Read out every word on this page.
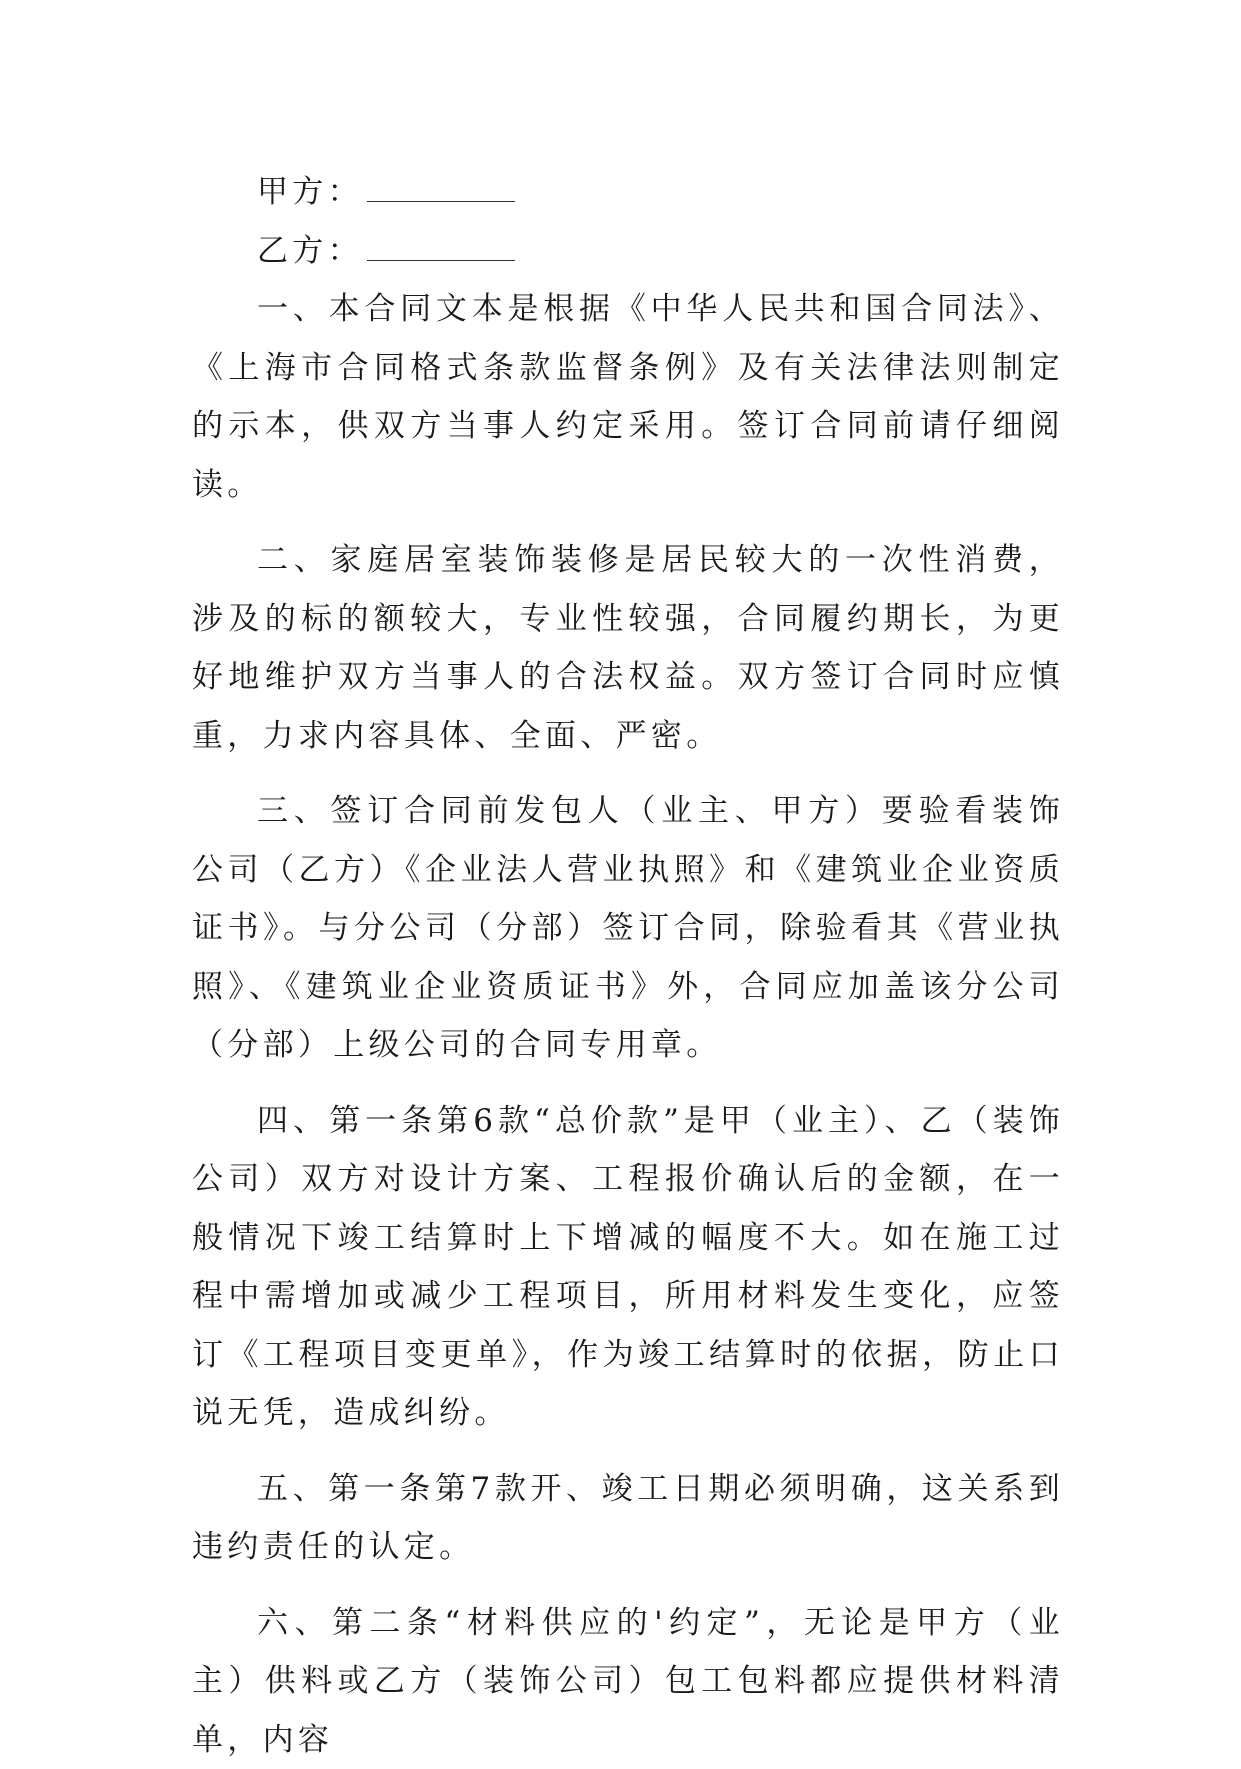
甲方：

乙方：

一、本合同文本是根据《中华人民共和国合同法》、《上海市合同格式条款监督条例》及有关法律法则制定的示本，供双方当事人约定采用。签订合同前请仔细阅读。

二、家庭居室装饰装修是居民较大的一次性消费，涉及的标的额较大，专业性较强，合同履约期长，为更好地维护双方当事人的合法权益。双方签订合同时应慎重，力求内容具体、全面、严密。

三、签订合同前发包人（业主、甲方）要验看装饰公司（乙方）《企业法人营业执照》和《建筑业企业资质证书》。与分公司（分部）签订合同，除验看其《营业执照》、《建筑业企业资质证书》外，合同应加盖该分公司（分部）上级公司的合同专用章。

四、第一条第6款“总价款”是甲（业主）、乙（装饰公司）双方对设计方案、工程报价确认后的金额，在一般情况下竣工结算时上下增减的幅度不大。如在施工过程中需增加或减少工程项目，所用材料发生变化，应签订《工程项目变更单》，作为竣工结算时的依据，防止口说无凭，造成纠纷。

五、第一条第7款开、竣工日期必须明确，这关系到违约责任的认定。

六、第二条“材料供应的'约定”，无论是甲方（业主）供料或乙方（装饰公司）包工包料都应提供材料清单，内容
